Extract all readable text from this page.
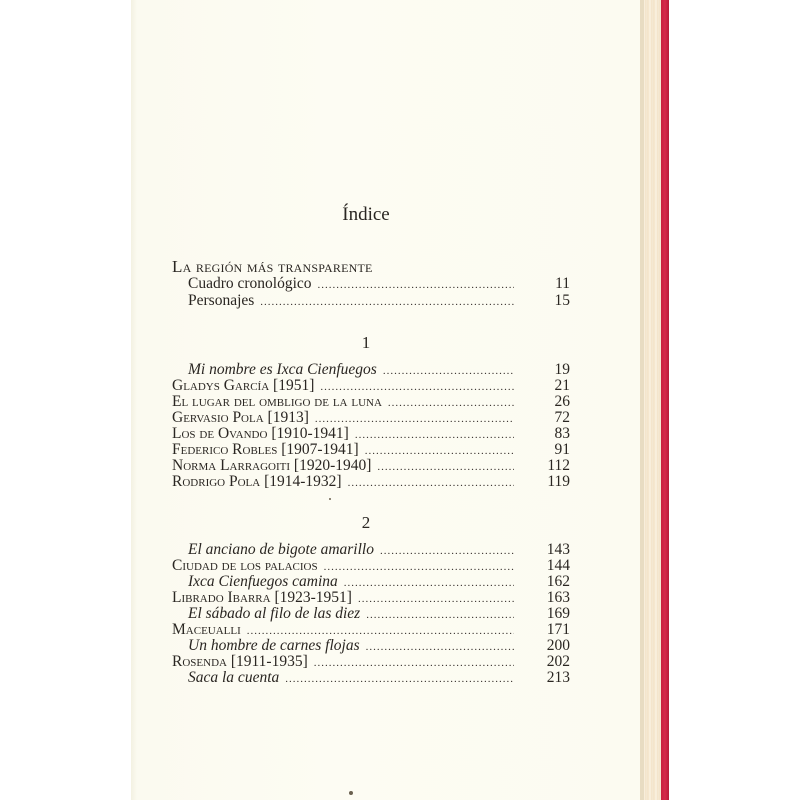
Índice
La región más transparente
Cuadro cronológico .....	11
Personajes .....	15
1
Mi nombre es Ixca Cienfuegos .....	19
Gladys García [1951] .....	21
El lugar del ombligo de la luna .....	26
Gervasio Pola [1913] .....	72
Los de Ovando [1910-1941] .....	83
Federico Robles [1907-1941] .....	91
Norma Larragoiti [1920-1940] .....	112
Rodrigo Pola [1914-1932] .....	119
2
El anciano de bigote amarillo .....	143
Ciudad de los palacios .....	144
Ixca Cienfuegos camina .....	162
Librado Ibarra [1923-1951] .....	163
El sábado al filo de las diez .....	169
Maceualli .....	171
Un hombre de carnes flojas .....	200
Rosenda [1911-1935] .....	202
Saca la cuenta .....	213
